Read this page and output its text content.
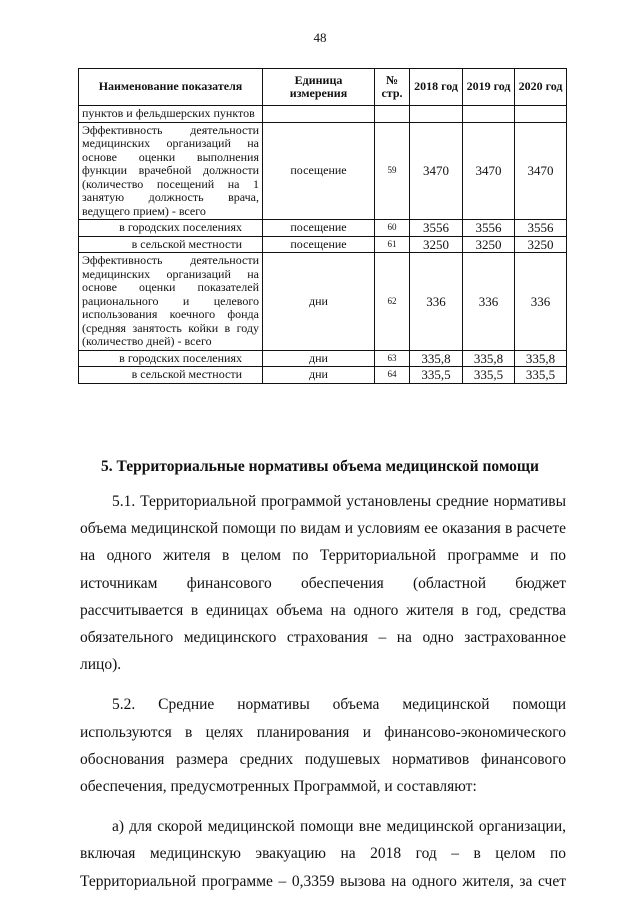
48
Наименование показателя	Единица измерения	№ стр.	2018 год	2019 год	2020 год
пунктов и фельдшерских пунктов					
Эффективность деятельности медицинских организаций на основе оценки выполнения функции врачебной должности (количество посещений на 1 занятую должность врача, ведущего прием) - всего	посещение	59	3470	3470	3470
в городских поселениях	посещение	60	3556	3556	3556
в сельской местности	посещение	61	3250	3250	3250
Эффективность деятельности медицинских организаций на основе оценки показателей рационального и целевого использования коечного фонда (средняя занятость койки в году (количество дней) - всего	дни	62	336	336	336
в городских поселениях	дни	63	335,8	335,8	335,8
в сельской местности	дни	64	335,5	335,5	335,5
5. Территориальные нормативы объема медицинской помощи

5.1. Территориальной программой установлены средние нормативы объема медицинской помощи по видам и условиям ее оказания в расчете на одного жителя в целом по Территориальной программе и по источникам финансового обеспечения (областной бюджет рассчитывается в единицах объема на одного жителя в год, средства обязательного медицинского страхования – на одно застрахованное лицо).

5.2. Средние нормативы объема медицинской помощи используются в целях планирования и финансово-экономического обоснования размера средних подушевых нормативов финансового обеспечения, предусмотренных Программой, и составляют:

а) для скорой медицинской помощи вне медицинской организации, включая медицинскую эвакуацию на 2018 год – в целом по Территориальной программе – 0,3359 вызова на одного жителя, за счет
